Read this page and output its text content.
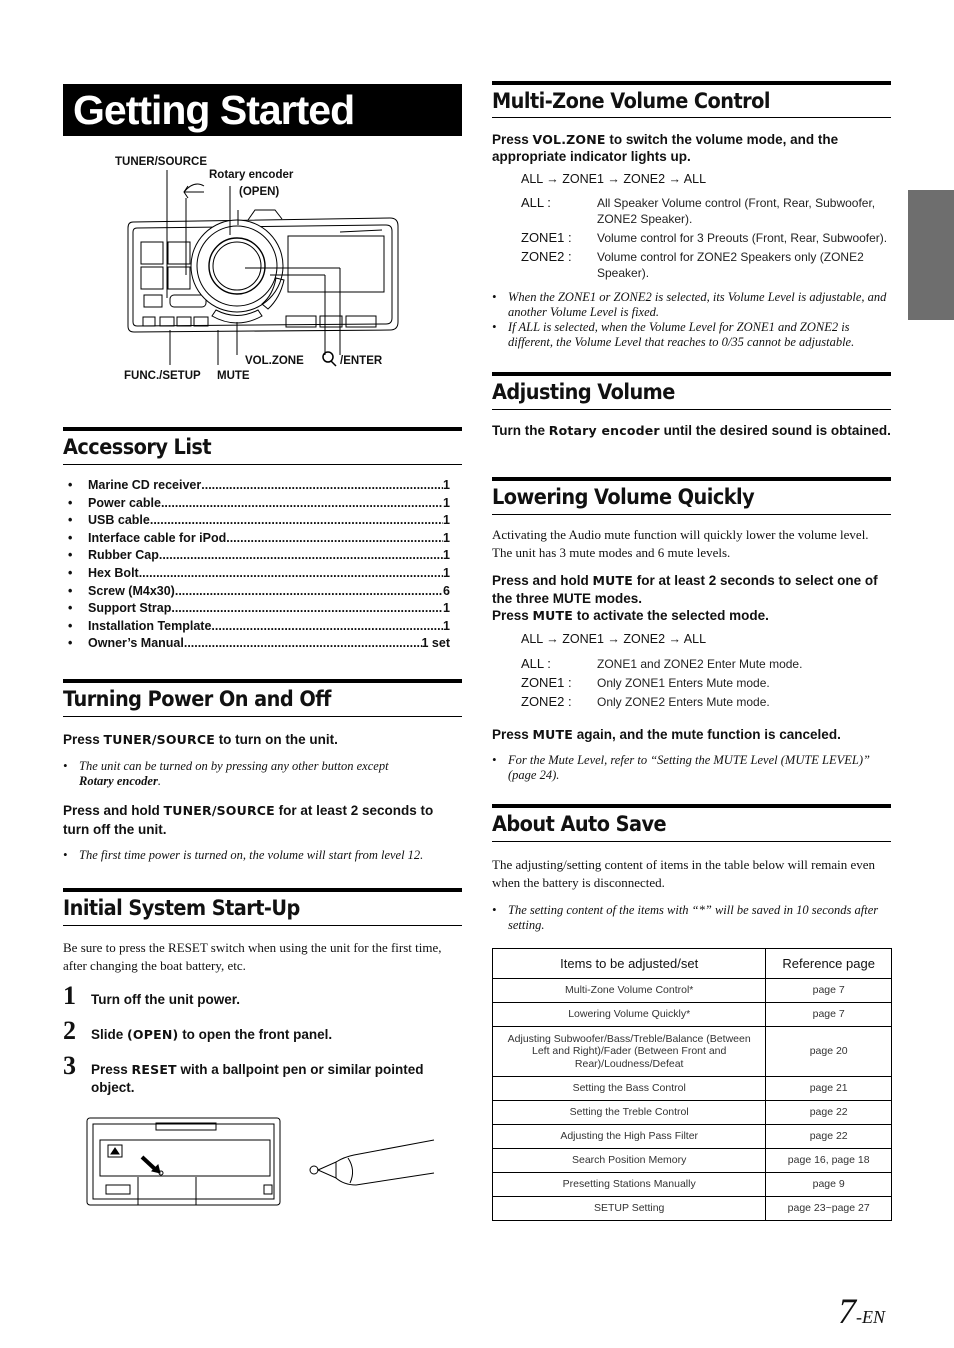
Getting Started
TUNER/SOURCE
Rotary encoder
(OPEN)
VOL.ZONE	/ENTER
FUNC./SETUP MUTE
Accessory List
•	Marine CD receiver .....	1
•	Power cable .....	1
•	USB cable .....	1
•	Interface cable for iPod .....	1
•	Rubber Cap .....	1
•	Hex Bolt .....	1
•	Screw (M4x30) .....	6
•	Support Strap .....	1
•	Installation Template .....	1
•	Owner’s Manual .....	1 set
Turning Power On and Off
Press TUNER/SOURCE to turn on the unit.
• The unit can be turned on by pressing any other button except
Rotary encoder.
Press and hold TUNER/SOURCE for at least 2 seconds to turn off the unit.
• The first time power is turned on, the volume will start from level 12.
Initial System Start-Up
Be sure to press the RESET switch when using the unit for the first time, after changing the boat battery, etc.
1	Turn off the unit power.
2	Slide (OPEN) to open the front panel.
3	Press RESET with a ballpoint pen or similar pointed object.
Multi-Zone Volume Control
Press VOL.ZONE to switch the volume mode, and the appropriate indicator lights up.
ALL → ZONE1 → ZONE2 → ALL
ALL :	All Speaker Volume control (Front, Rear, Subwoofer, ZONE2 Speaker).
ZONE1 :	Volume control for 3 Preouts (Front, Rear, Subwoofer).
ZONE2 :	Volume control for ZONE2 Speakers only (ZONE2 Speaker).
• When the ZONE1 or ZONE2 is selected, its Volume Level is adjustable, and another Volume Level is fixed.
• If ALL is selected, when the Volume Level for ZONE1 and ZONE2 is different, the Volume Level that reaches to 0/35 cannot be adjustable.
Adjusting Volume
Turn the Rotary encoder until the desired sound is obtained.
Lowering Volume Quickly
Activating the Audio mute function will quickly lower the volume level. The unit has 3 mute modes and 6 mute levels.
Press and hold MUTE for at least 2 seconds to select one of the three MUTE modes.
Press MUTE to activate the selected mode.
ALL → ZONE1 → ZONE2 → ALL
ALL :	ZONE1 and ZONE2 Enter Mute mode.
ZONE1 :	Only ZONE1 Enters Mute mode.
ZONE2 :	Only ZONE2 Enters Mute mode.
Press MUTE again, and the mute function is canceled.
• For the Mute Level, refer to “Setting the MUTE Level (MUTE LEVEL)” (page 24).
About Auto Save
The adjusting/setting content of items in the table below will remain even when the battery is disconnected.
• The setting content of the items with “*” will be saved in 10 seconds after setting.
Items to be adjusted/set	Reference page
Multi-Zone Volume Control*	page 7
Lowering Volume Quickly*	page 7
Adjusting Subwoofer/Bass/Treble/Balance (Between Left and Right)/Fader (Between Front and Rear)/Loudness/Defeat	page 20
Setting the Bass Control	page 21
Setting the Treble Control	page 22
Adjusting the High Pass Filter	page 22
Search Position Memory	page 16, page 18
Presetting Stations Manually	page 9
SETUP Setting	page 23~page 27
7-EN
